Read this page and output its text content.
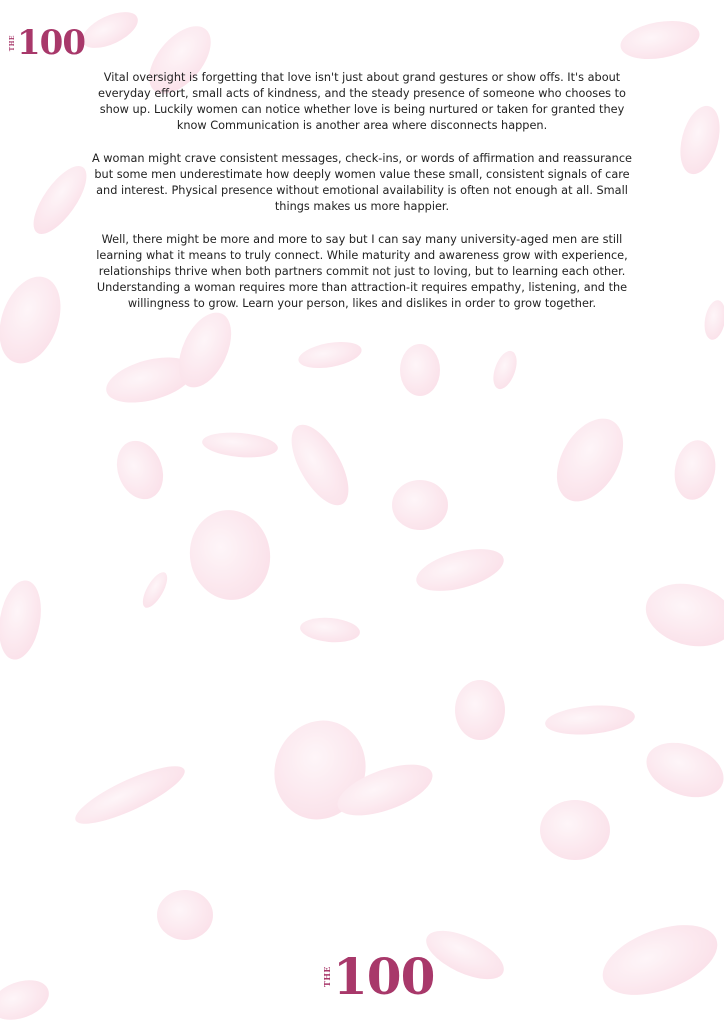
THE 100

Vital oversight is forgetting that love isn't just about grand gestures or show offs. It's about everyday effort, small acts of kindness, and the steady presence of someone who chooses to show up. Luckily women can notice whether love is being nurtured or taken for granted they know Communication is another area where disconnects happen.

A woman might crave consistent messages, check-ins, or words of affirmation and reassurance but some men underestimate how deeply women value these small, consistent signals of care and interest. Physical presence without emotional availability is often not enough at all. Small things makes us more happier.

Well, there might be more and more to say but I can say many university-aged men are still learning what it means to truly connect. While maturity and awareness grow with experience, relationships thrive when both partners commit not just to loving, but to learning each other. Understanding a woman requires more than attraction-it requires empathy, listening, and the willingness to grow. Learn your person, likes and dislikes in order to grow together.

THE 100
